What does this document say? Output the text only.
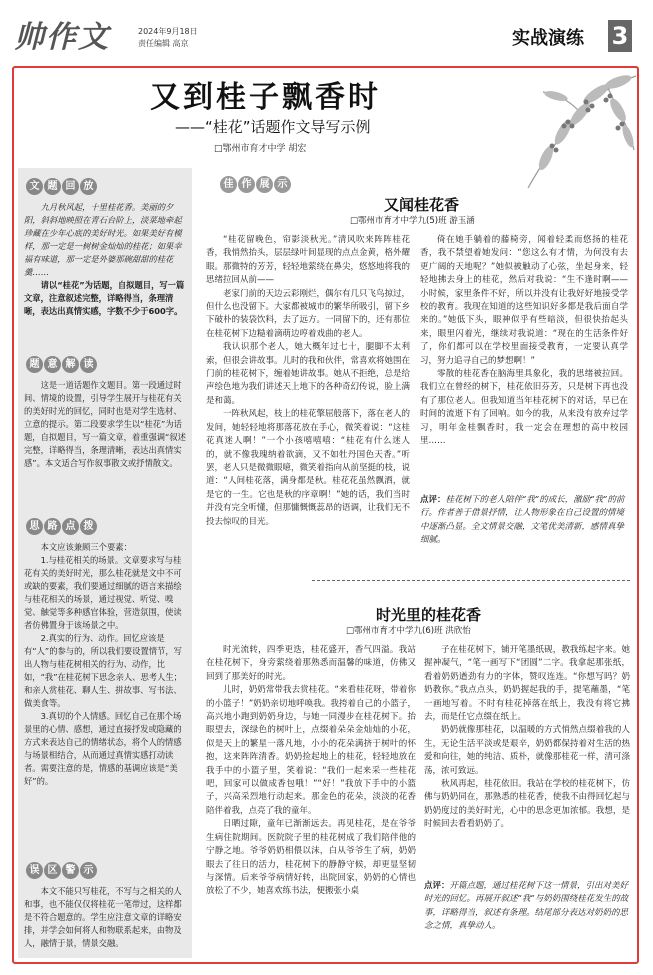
帅作文	2024年9月18日
责任编辑 高京	实战演练 3
又到桂子飘香时
——“桂花”话题作文导写示例
□鄂州市育才中学 胡宏
文 题 回 放

九月秋风起，十里桂花香。美丽的夕阳，斜斜地映照在青石台阶上，淡菜地牵起珍藏在少年心底的美好时光。如果美好有模样，那一定是一树树金灿灿的桂花；如果幸福有味道，那一定是外婆那碗甜甜的桂花羹……

请以“桂花”为话题，自拟题目，写一篇文章，注意叙述完整，详略得当，条理清晰，表达出真情实感，字数不少于600字。

题 意 解 读

这是一道话题作文题目。第一段通过时间、情境的设置，引导学生展开与桂花有关的美好时光的回忆，同时也是对学生选材、立意的提示。第二段要求学生以“桂花”为话题，自拟题目，写一篇文章，着重强调“叙述完整，详略得当，条理清晰，表达出真情实感”。本文适合写作叙事散文或抒情散文。

思 路 点 拨

本文应该兼顾三个要素：

1.与桂花相关的场景。文章要求写与桂花有关的美好时光，那么桂花就是文中不可或缺的要素，我们要通过细腻的语言来描绘与桂花相关的场景，通过视觉、听觉、嗅觉、触觉等多种感官体验，营造氛围，使读者仿佛置身于该场景之中。

2.真实的行为、动作。回忆应该是有“人”的参与的，所以我们要设置情节，写出人物与桂花树相关的行为、动作，比如，“我”在桂花树下思念亲人、思考人生；和亲人赏桂花、聊人生、拼故事、写书法、做美食等。

3.真切的个人情感。回忆自己在那个场景里的心情、感想，通过直接抒发或隐藏的方式来表达自己的情绪状态，将个人的情感与场景相结合，从而通过真情实感打动读者。需要注意的是，情感的基调应该是“美好”的。

误 区 警 示

本文不能只写桂花，不写与之相关的人和事，也不能仅仅将桂花一笔带过，这样都是不符合题意的。学生应注意文章的详略安排，并学会如何将人和物联系起来，由物及人，融情于景，情景交融。

佳 作 展 示
又闻桂花香
□鄂州市育才中学九(5)班 游玉涵

“桂花留晚色，帘影淡秋光。”清风吹来阵阵桂花香，我悄然抬头，层层绿叶间显现的点点金黄，格外耀眼。那微特的芳芳，轻轻地萦绕在鼻尖，悠悠地将我的思绪拉回从前——

老家门前的天边云彩刚烂，偶尔有几只飞鸟掠过，但什么也没留下。大家都被城市的繁华所吸引，留下乡下破朴的装袋饮料，去了远方。一同留下的，还有那位在桂花树下边糙着滴萌边哼着戏曲的老人。

我认识那个老人，她大概年过七十，腿脚不太利索，但很会讲故事。儿时的我和伙伴，常喜欢将她围在门前的桂花树下，缠着她讲故事。她从不拒绝，总是给声绘色地为我们讲述天上地下的各种奇幻传说，脸上满是和蔼。

一阵秋风起，枝上的桂花擎屈般落下，落在老人的发间，她轻轻地将那落花放在手心，微笑着说：“这桂花真迷人啊！”一个小孩嘻嘻嘻：“桂花有什么迷人的，就不像我瑰纳着欲滴，又不如牡丹国色天香。”听罢，老人只是微微眼噫，微笑着指向从前坚挺的枝，说道：“人间桂花落，满身都是秋。桂花花虽然飘洒，就是它的一生。它也是秋的序章啊！”她的话，我们当时并没有完全听懂，但那慵慨慨蕊昂的语调，让我们无不投去惊叹的目光。

倚在她手躺着的藤椅旁，闻着轻柔而悠扬的桂花香，我不禁望着她发问：“您这么有才情，为何没有去更广阔的天地呢？”她似被触动了心弦，坐起身来，轻轻地拂去身上的桂花，然后对我说：“生不逢时啊——小时候，家里条件不好，所以并没有让我好好地接受学校的教育。我现在知道的这些知识好多都是我后面自学来的。”她低下头，眼神似乎有些暗淡，但很快抬起头来，眼里闪着光，继续对我说道：“现在的生活条件好了，你们都可以在学校里面接受教育，一定要认真学习，努力追寻自己的梦想啊！”

零散的桂花香在脑海里具象化，我的思绪被拉回。我们立在曾经的树下，桂花依旧芬芳，只是树下再也没有了那位老人。但我知道当年桂花树下的对话，早已在时间的流逝下有了回响。如今的我，从来没有放弃过学习，明年金桂飘香时，我一定会在理想的高中校园里……

点评：桂花树下的老人陪伴“我”的成长，激励“我”的前行。作者善于借景抒情，让人物形象在自己设置的情境中逐渐凸显。全文情景交融，文笔优美清新，感情真挚细腻。
时光里的桂花香
□鄂州市育才中学九(6)班 洪欣怡

时光流转，四季更迭，桂花盛开，香气四溢。我站在桂花树下，身旁萦绕着那熟悉而温馨的味道，仿佛又回到了那美好的时光。

儿时，奶奶常带我去赏桂花。“来看桂花呀，带着你的小篮子！”奶奶亲切地呼唤我。我挎着自己的小篮子，高兴地小跑到奶奶身边，与她一同漫步在桂花树下。抬眼望去，深绿色的树叶上，点缀着朵朵金灿灿的小花，似是天上的繁星一落凡地，小小的花朵满挤于树叶的怀抱，这来阵阵清香。奶奶捡起地上的桂花，轻轻地放在我手中的小篮子里，笑着说：“我们一起来采一些桂花吧，回家可以做成香包哦！”“好！”我放下手中的小篮子，兴高采烈地行动起来。那金色的花朵，淡淡的花香陪伴着我，点亮了我的童年。

日晒过隙，童年已渐渐远去。再见桂花，是在爷爷生病住院期间。医院院子里的桂花树成了我们陪伴他的宁静之地。爷爷奶奶相偎以沫，白从爷爷生了病，奶奶眼去了往日的活力，桂花树下的静静守候，却更显坚韧与深情。后来爷爷病情好转，出院回家，奶奶的心情也放松了不少，她喜欢练书法，便搬张小桌

子在桂花树下，铺开笔墨纸砚，教我练起字来。她握神凝气，“笔一画写下“团圆”二字。我拿起那张纸，看着奶奶遒劲有力的字体，赞叹连连。“你想写吗？奶奶教你。”我点点头，奶奶握起我的手，提笔蘸墨，“笔一画地写着。不时有桂花掉落在纸上，我没有将它拂去，而是任它点缀在纸上。

奶奶就像那桂花，以温暖的方式悄然点缀着我的人生，无论生活平淡或是艰辛，奶奶都保持着对生活的热爱和向往，她的纯洁、质朴，就像那桂花一样，清可涤荡，浓可致远。

秋风再起，桂花依旧。我站在学校的桂花树下，仿佛与奶奶同在，那熟悉的桂花香，使我不由得回忆起与奶奶度过的美好时光，心中的思念更加浓郁。我想，是时候回去看看奶奶了。

点评：开篇点题，通过桂花树下这一情景，引出对美好时光的回忆。再展开叙述“我”与奶奶围绕桂花发生的故事，详略得当，叙述有条理。结尾部分表达对奶奶的思念之情，真挚动人。
